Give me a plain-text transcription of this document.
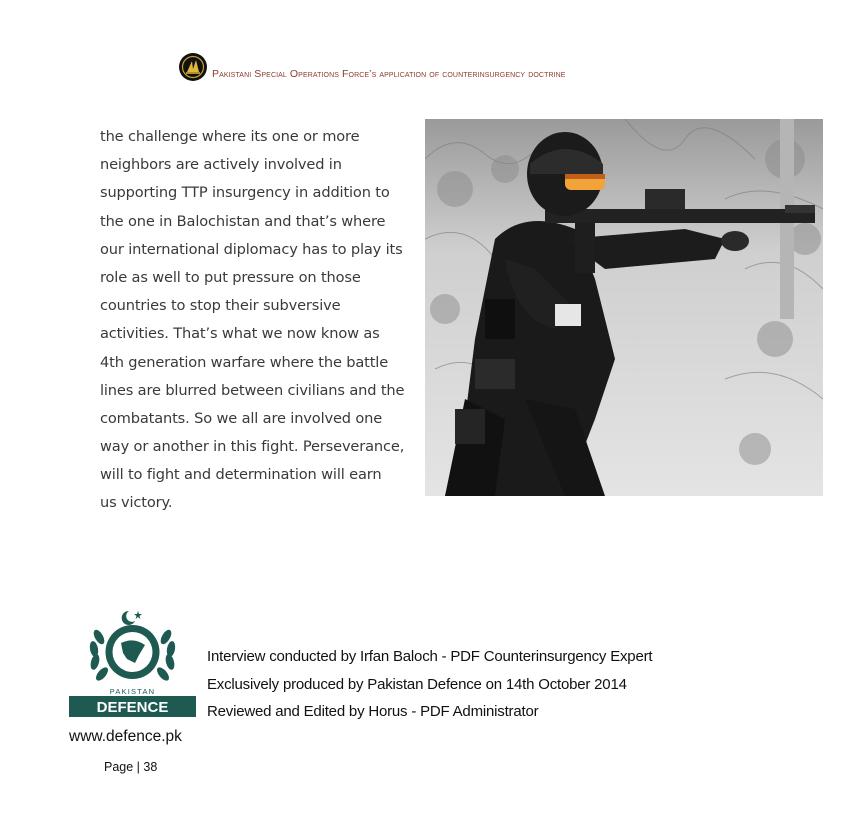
Pakistani Special Operations Force’s application of counterinsurgency doctrine
the challenge where its one or more
neighbors are actively involved in
supporting TTP insurgency in addition to
the one in Balochistan and that’s where
our international diplomacy has to play its
role as well to put pressure on those
countries to stop their subversive
activities. That’s what we now know as
4th generation warfare where the battle
lines are blurred between civilians and the
combatants. So we all are involved one
way or another in this fight. Perseverance,
will to fight and determination will earn
us victory.
PAKISTAN
DEFENCE
Interview conducted by Irfan Baloch - PDF Counterinsurgency Expert
Exclusively produced by Pakistan Defence on 14th October 2014
Reviewed and Edited by Horus - PDF Administrator
www.defence.pk
Page | 38
